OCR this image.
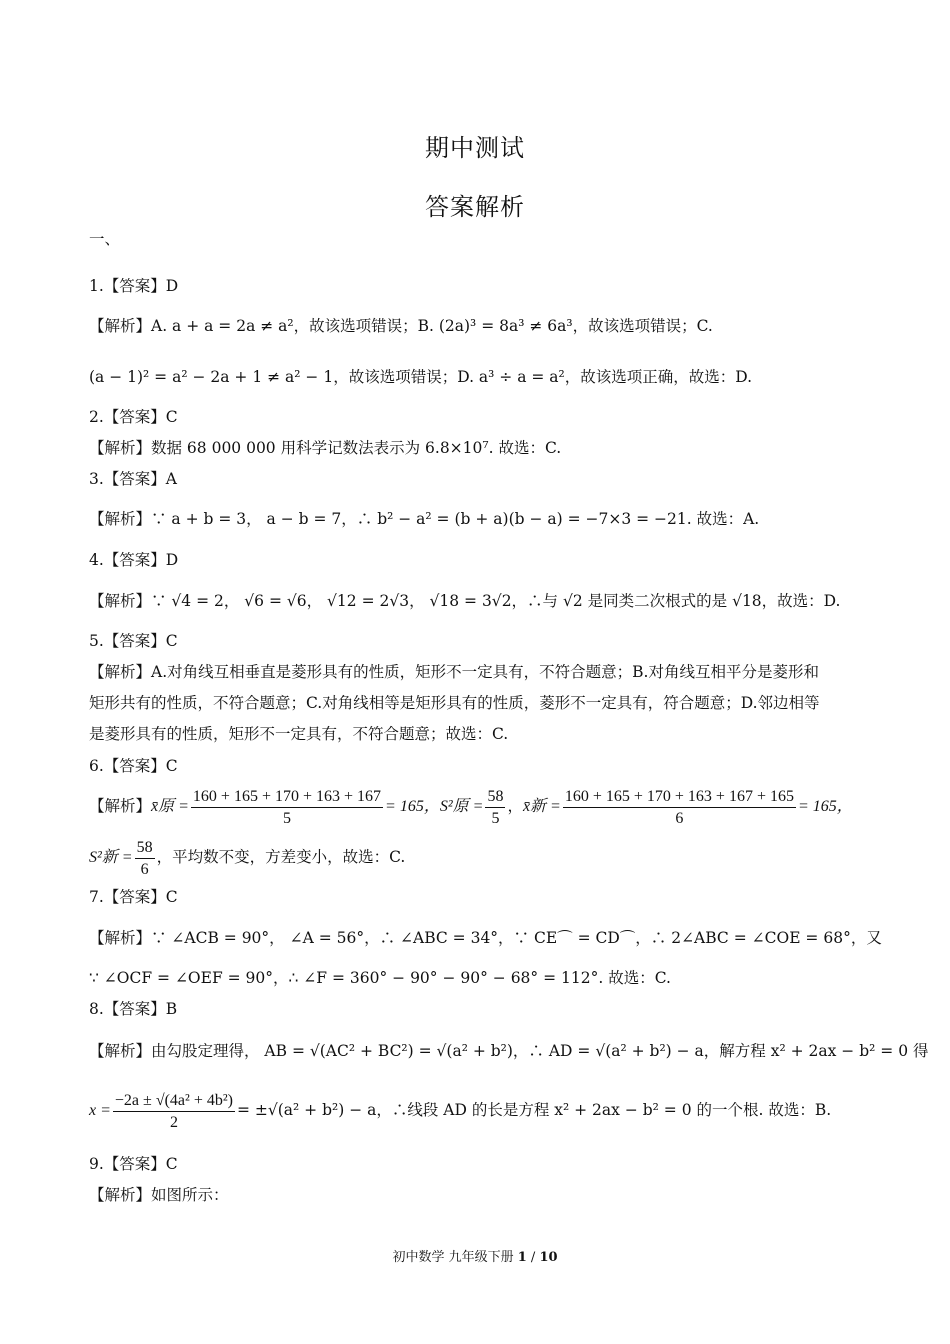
期中测试
答案解析
一、
1.【答案】D
【解析】A. a + a = 2a ≠ a²，故该选项错误；B. (2a)³ = 8a³ ≠ 6a³，故该选项错误；C.
(a − 1)² = a² − 2a + 1 ≠ a² − 1，故该选项错误；D. a³ ÷ a = a²，故该选项正确，故选：D.
2.【答案】C
【解析】数据 68 000 000 用科学记数法表示为 6.8×10⁷. 故选：C.
3.【答案】A
【解析】∵ a + b = 3， a − b = 7，∴ b² − a² = (b + a)(b − a) = −7×3 = −21. 故选：A.
4.【答案】D
【解析】∵ √4 = 2， √6 = √6， √12 = 2√3， √18 = 3√2，∴与 √2 是同类二次根式的是 √18，故选：D.
5.【答案】C
【解析】A.对角线互相垂直是菱形具有的性质，矩形不一定具有，不符合题意；B.对角线互相平分是菱形和
矩形共有的性质，不符合题意；C.对角线相等是矩形具有的性质，菱形不一定具有，符合题意；D.邻边相等
是菱形具有的性质，矩形不一定具有，不符合题意；故选：C.
6.【答案】C
【解析】x̄原 = $\frac{160 + 165 + 170 + 163 + 167}{5} = 165$，S²原 = $\frac{58}{5}$ ，x̄新 = $\frac{160 + 165 + 170 + 163 + 167 + 165}{6} = 165$，
S²新 = $\frac{58}{6}$ ，平均数不变，方差变小，故选：C.
7.【答案】C
【解析】∵ ∠ACB = 90°， ∠A = 56°，∴ ∠ABC = 34°，∵ CE⌒ = CD⌒，∴ 2∠ABC = ∠COE = 68°，又
∵ ∠OCF = ∠OEF = 90°，∴ ∠F = 360° − 90° − 90° − 68° = 112°. 故选：C.
8.【答案】B
【解析】由勾股定理得， AB = √(AC² + BC²) = √(a² + b²)，∴ AD = √(a² + b²) − a，解方程 x² + 2ax − b² = 0 得
$x = \frac{\text{−2a ± √(4a² + 4b²)}}{2} = \pm√(a^2 + b^2) - a$，∴线段 AD 的长是方程 x² + 2ax − b² = 0 的一个根. 故选：B.
9.【答案】C
【解析】如图所示：
初中数学 九年级下册 1 / 10
